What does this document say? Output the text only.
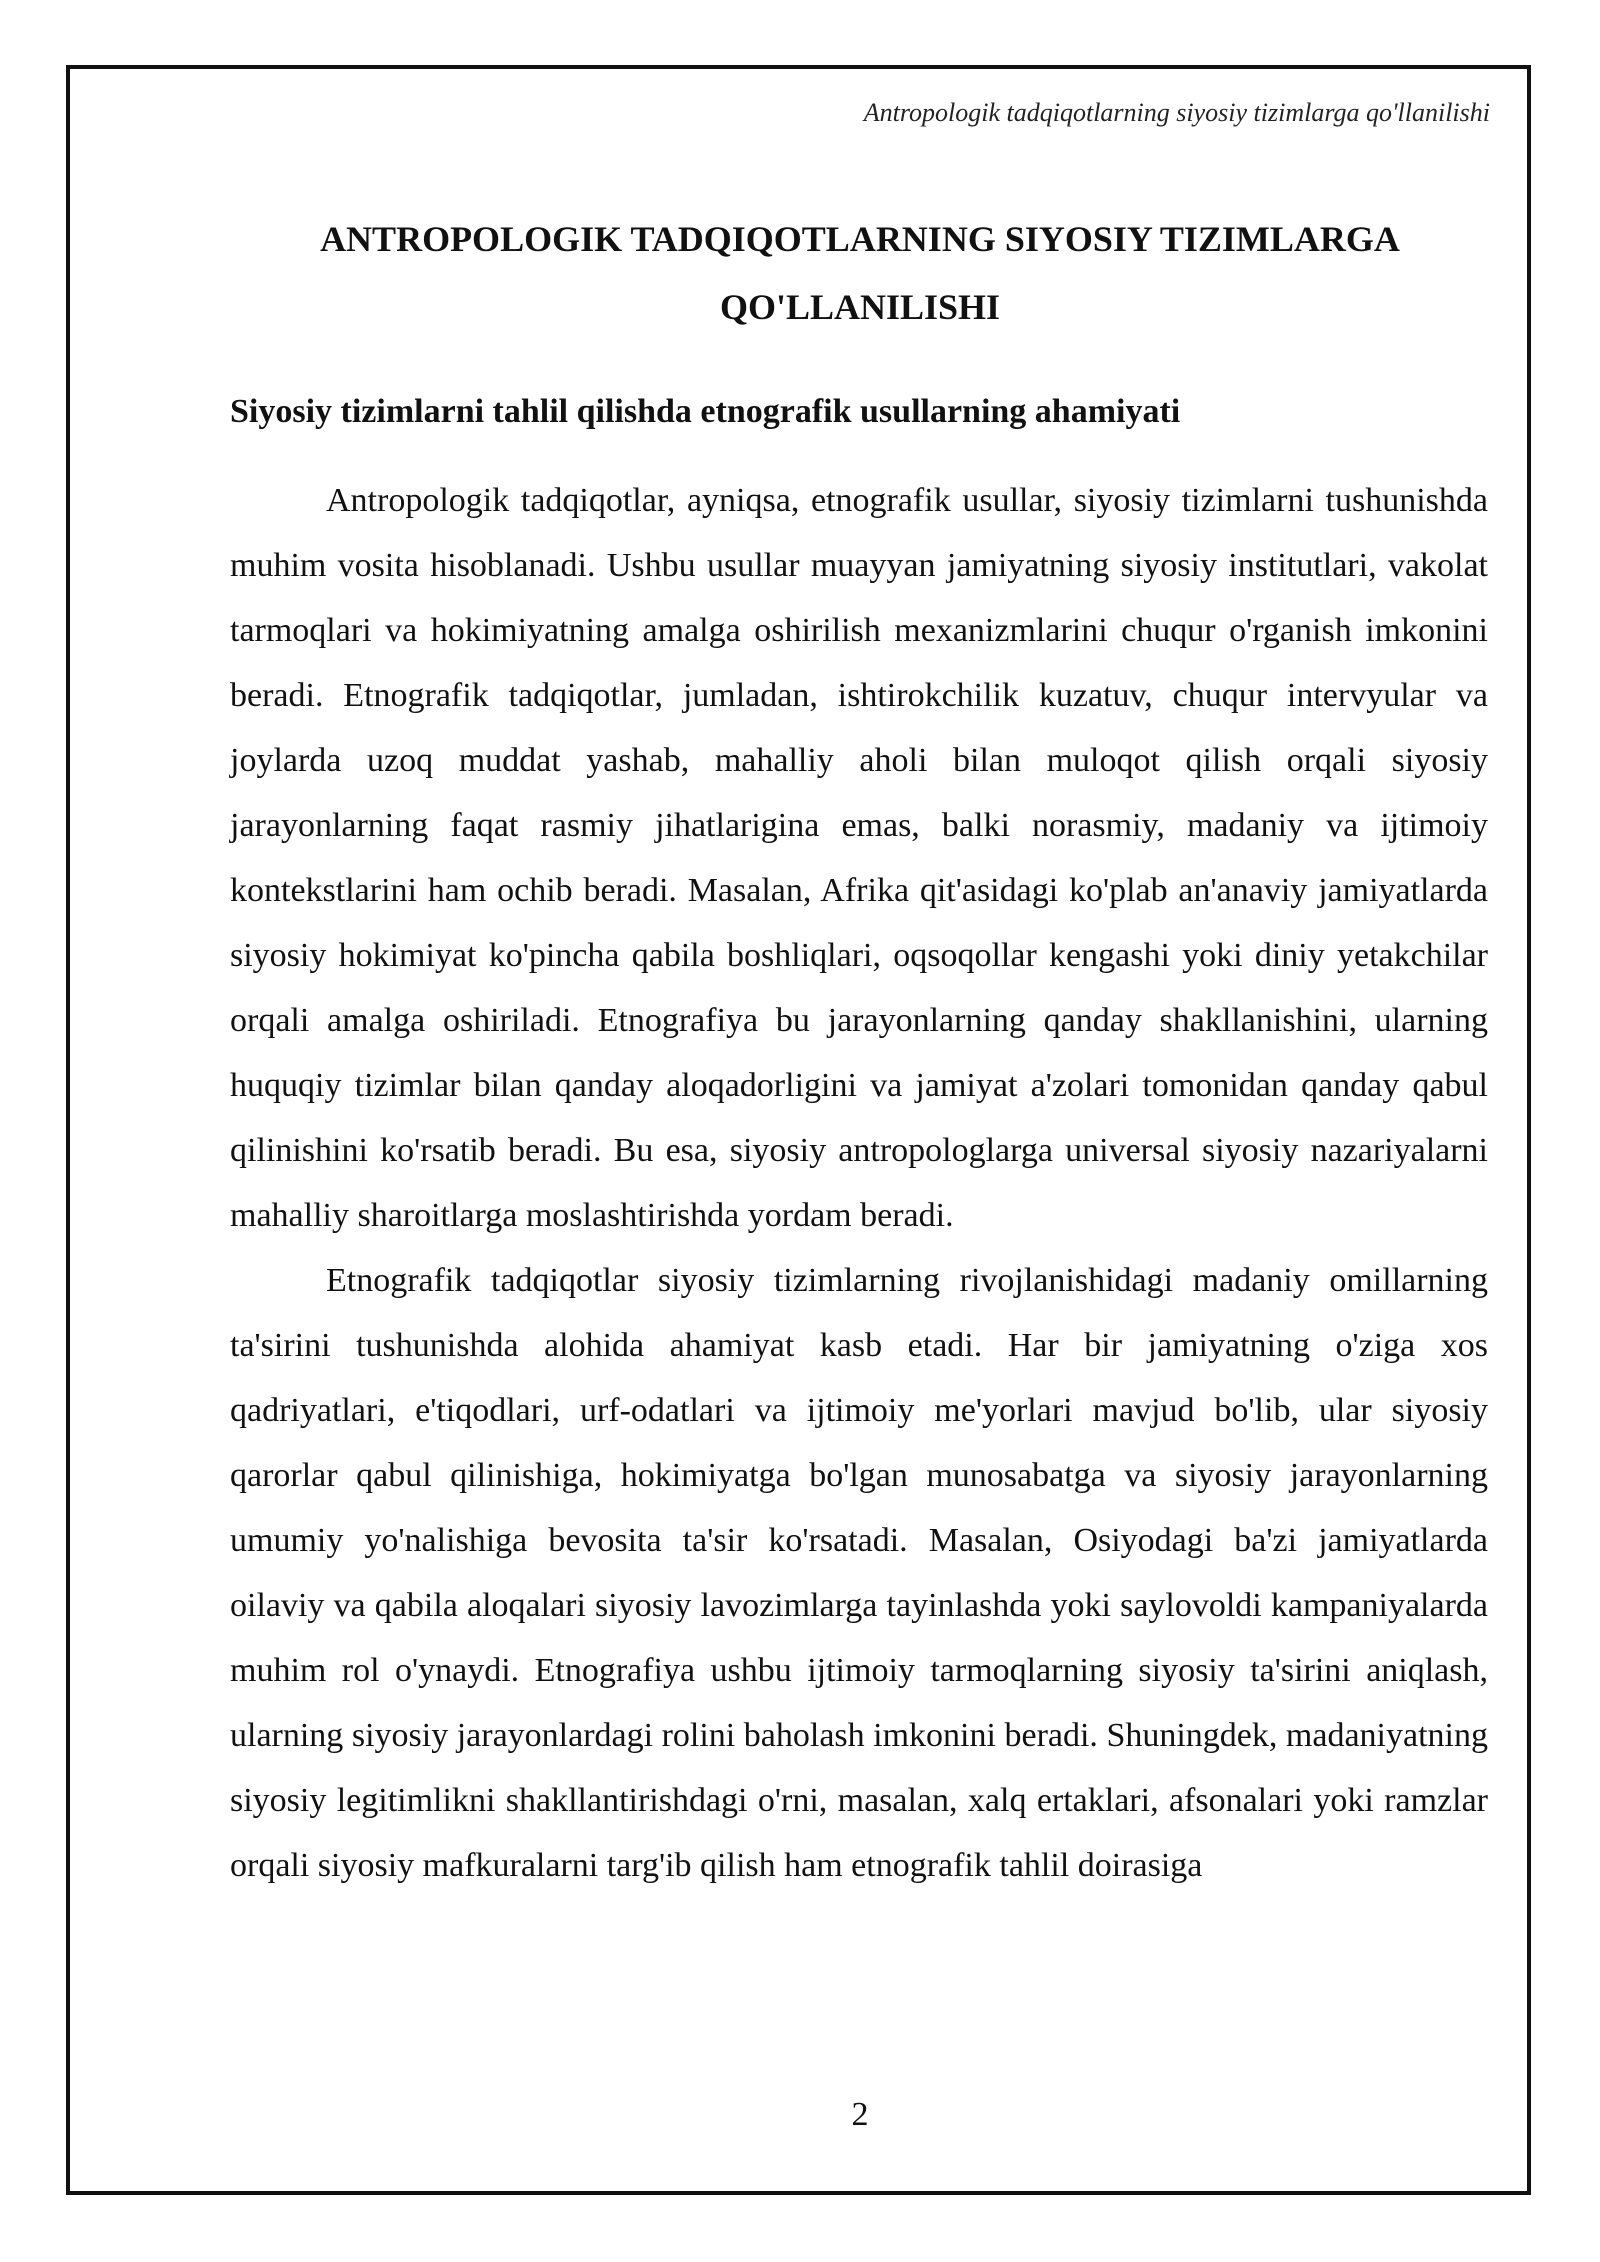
Antropologik tadqiqotlarning siyosiy tizimlarga qo'llanilishi
ANTROPOLOGIK TADQIQOTLARNING SIYOSIY TIZIMLARGA QO'LLANILISHI
Siyosiy tizimlarni tahlil qilishda etnografik usullarning ahamiyati

Antropologik tadqiqotlar, ayniqsa, etnografik usullar, siyosiy tizimlarni tushunishda muhim vosita hisoblanadi. Ushbu usullar muayyan jamiyatning siyosiy institutlari, vakolat tarmoqlari va hokimiyatning amalga oshirilish mexanizmlarini chuqur o'rganish imkonini beradi. Etnografik tadqiqotlar, jumladan, ishtirokchilik kuzatuv, chuqur intervyular va joylarda uzoq muddat yashab, mahalliy aholi bilan muloqot qilish orqali siyosiy jarayonlarning faqat rasmiy jihatlarigina emas, balki norasmiy, madaniy va ijtimoiy kontekstlarini ham ochib beradi. Masalan, Afrika qit'asidagi ko'plab an'anaviy jamiyatlarda siyosiy hokimiyat ko'pincha qabila boshliqlari, oqsoqollar kengashi yoki diniy yetakchilar orqali amalga oshiriladi. Etnografiya bu jarayonlarning qanday shakllanishini, ularning huquqiy tizimlar bilan qanday aloqadorligini va jamiyat a'zolari tomonidan qanday qabul qilinishini ko'rsatib beradi. Bu esa, siyosiy antropologlarga universal siyosiy nazariyalarni mahalliy sharoitlarga moslashtirishda yordam beradi.

Etnografik tadqiqotlar siyosiy tizimlarning rivojlanishidagi madaniy omillarning ta'sirini tushunishda alohida ahamiyat kasb etadi. Har bir jamiyatning o'ziga xos qadriyatlari, e'tiqodlari, urf-odatlari va ijtimoiy me'yorlari mavjud bo'lib, ular siyosiy qarorlar qabul qilinishiga, hokimiyatga bo'lgan munosabatga va siyosiy jarayonlarning umumiy yo'nalishiga bevosita ta'sir ko'rsatadi. Masalan, Osiyodagi ba'zi jamiyatlarda oilaviy va qabila aloqalari siyosiy lavozimlarga tayinlashda yoki saylovoldi kampaniyalarda muhim rol o'ynaydi. Etnografiya ushbu ijtimoiy tarmoqlarning siyosiy ta'sirini aniqlash, ularning siyosiy jarayonlardagi rolini baholash imkonini beradi. Shuningdek, madaniyatning siyosiy legitimlikni shakllantirishdagi o'rni, masalan, xalq ertaklari, afsonalari yoki ramzlar orqali siyosiy mafkuralarni targ'ib qilish ham etnografik tahlil doirasiga

2
